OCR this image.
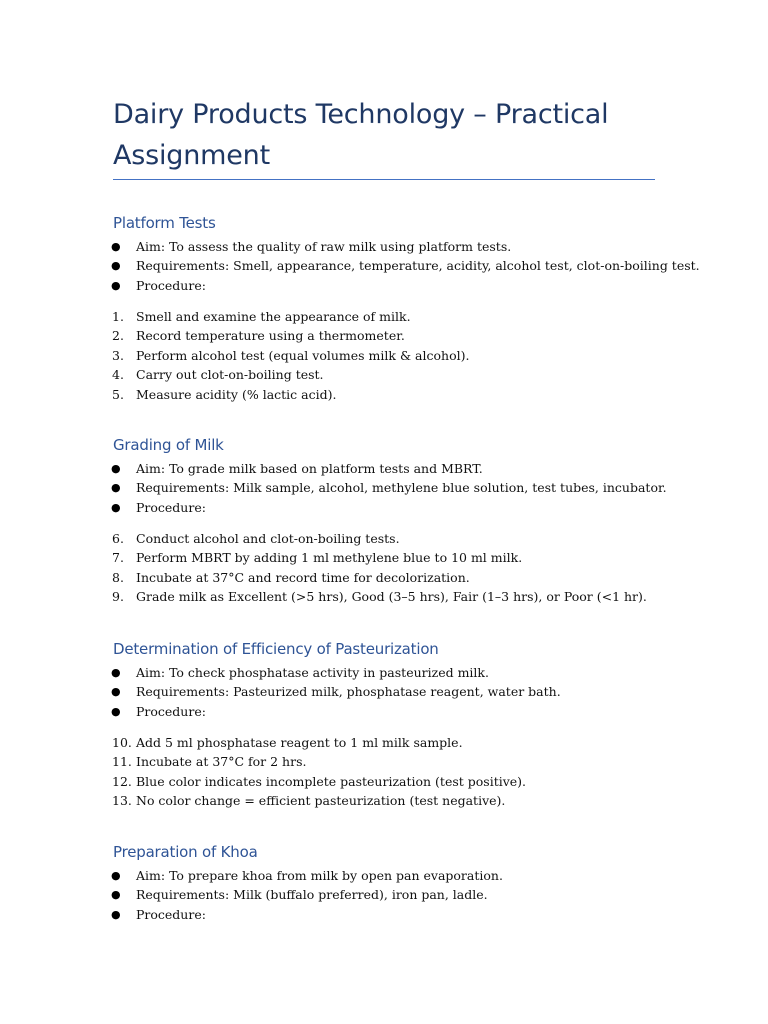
Dairy Products Technology – Practical Assignment
Platform Tests
● Aim: To assess the quality of raw milk using platform tests.
● Requirements: Smell, appearance, temperature, acidity, alcohol test, clot-on-boiling test.
● Procedure:
1. Smell and examine the appearance of milk.
2. Record temperature using a thermometer.
3. Perform alcohol test (equal volumes milk & alcohol).
4. Carry out clot-on-boiling test.
5. Measure acidity (% lactic acid).
Grading of Milk
● Aim: To grade milk based on platform tests and MBRT.
● Requirements: Milk sample, alcohol, methylene blue solution, test tubes, incubator.
● Procedure:
6. Conduct alcohol and clot-on-boiling tests.
7. Perform MBRT by adding 1 ml methylene blue to 10 ml milk.
8. Incubate at 37°C and record time for decolorization.
9. Grade milk as Excellent (>5 hrs), Good (3–5 hrs), Fair (1–3 hrs), or Poor (<1 hr).
Determination of Efficiency of Pasteurization
● Aim: To check phosphatase activity in pasteurized milk.
● Requirements: Pasteurized milk, phosphatase reagent, water bath.
● Procedure:
10. Add 5 ml phosphatase reagent to 1 ml milk sample.
11. Incubate at 37°C for 2 hrs.
12. Blue color indicates incomplete pasteurization (test positive).
13. No color change = efficient pasteurization (test negative).
Preparation of Khoa
● Aim: To prepare khoa from milk by open pan evaporation.
● Requirements: Milk (buffalo preferred), iron pan, ladle.
● Procedure:
